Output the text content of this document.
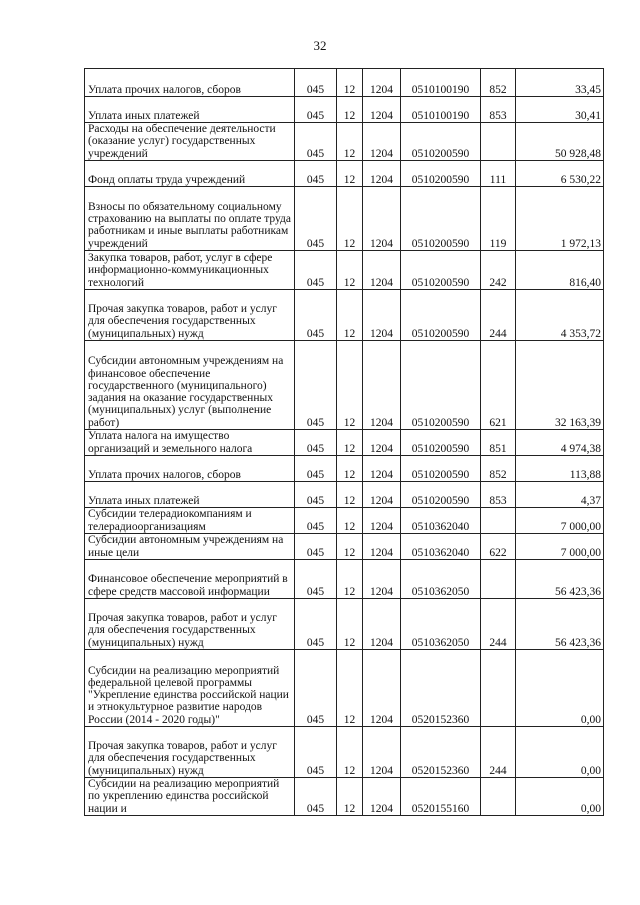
32
Уплата прочих налогов, сборов	045	12	1204	0510100190	852	33,45
Уплата иных платежей	045	12	1204	0510100190	853	30,41
Расходы на обеспечение деятельности (оказание услуг) государственных учреждений	045	12	1204	0510200590		50 928,48
Фонд оплаты труда учреждений	045	12	1204	0510200590	111	6 530,22
Взносы по обязательному социальному страхованию на выплаты по оплате труда работникам и иные выплаты работникам учреждений	045	12	1204	0510200590	119	1 972,13
Закупка товаров, работ, услуг в сфере информационно-коммуникационных технологий	045	12	1204	0510200590	242	816,40
Прочая закупка товаров, работ и услуг для обеспечения государственных (муниципальных) нужд	045	12	1204	0510200590	244	4 353,72
Субсидии автономным учреждениям на финансовое обеспечение государственного (муниципального) задания на оказание государственных (муниципальных) услуг (выполнение работ)	045	12	1204	0510200590	621	32 163,39
Уплата налога на имущество организаций и земельного налога	045	12	1204	0510200590	851	4 974,38
Уплата прочих налогов, сборов	045	12	1204	0510200590	852	113,88
Уплата иных платежей	045	12	1204	0510200590	853	4,37
Субсидии телерадиокомпаниям и телерадиоорганизациям	045	12	1204	0510362040		7 000,00
Субсидии автономным учреждениям на иные цели	045	12	1204	0510362040	622	7 000,00
Финансовое обеспечение мероприятий в сфере средств массовой информации	045	12	1204	0510362050		56 423,36
Прочая закупка товаров, работ и услуг для обеспечения государственных (муниципальных) нужд	045	12	1204	0510362050	244	56 423,36
Субсидии на реализацию мероприятий федеральной целевой программы "Укрепление единства российской нации и этнокультурное развитие народов России (2014 - 2020 годы)"	045	12	1204	0520152360		0,00
Прочая закупка товаров, работ и услуг для обеспечения государственных (муниципальных) нужд	045	12	1204	0520152360	244	0,00
Субсидии на реализацию мероприятий по укреплению единства российской нации и	045	12	1204	0520155160		0,00
